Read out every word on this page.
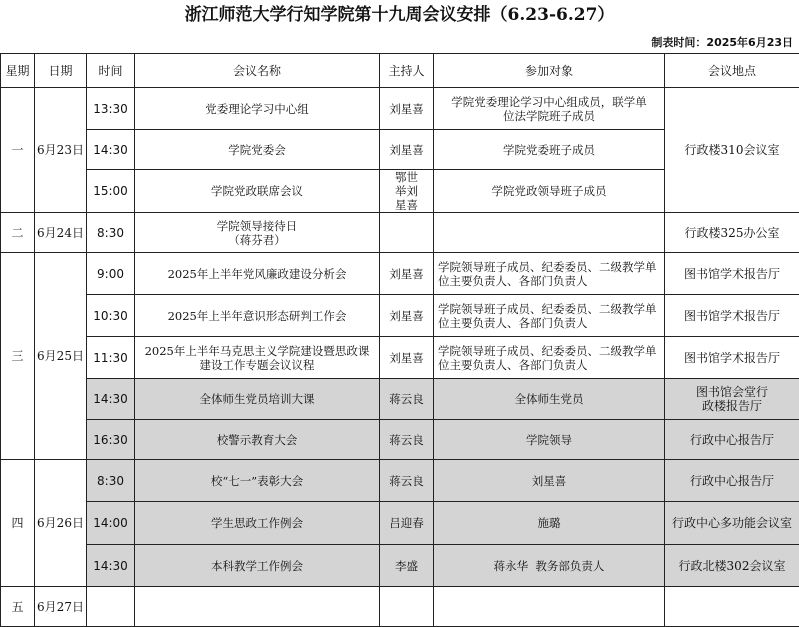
浙江师范大学行知学院第十九周会议安排（6.23-6.27）
制表时间：2025年6月23日
星期	日期	时间	会议名称	主持人	参加对象	会议地点
一	6月23日	13:30	党委理论学习中心组	刘星喜	学院党委理论学习中心组成员，联学单位法学院班子成员	行政楼310会议室
		14:30	学院党委会	刘星喜	学院党委班子成员	
		15:00	学院党政联席会议	鄂世举刘星喜	学院党政领导班子成员	
二	6月24日	8:30	学院领导接待日（蒋芬君）			行政楼325办公室
三	6月25日	9:00	2025年上半年党风廉政建设分析会	刘星喜	学院领导班子成员、纪委委员、二级教学单位主要负责人、各部门负责人	图书馆学术报告厅
		10:30	2025年上半年意识形态研判工作会	刘星喜	学院领导班子成员、纪委委员、二级教学单位主要负责人、各部门负责人	图书馆学术报告厅
		11:30	2025年上半年马克思主义学院建设暨思政课建设工作专题会议议程	刘星喜	学院领导班子成员、纪委委员、二级教学单位主要负责人、各部门负责人	图书馆学术报告厅
		14:30	全体师生党员培训大课	蒋云良	全体师生党员	图书馆会堂行政楼报告厅
		16:30	校警示教育大会	蒋云良	学院领导	行政中心报告厅
四	6月26日	8:30	校“七一”表彰大会	蒋云良	刘星喜	行政中心报告厅
		14:00	学生思政工作例会	吕迎春	施璐	行政中心多功能会议室
		14:30	本科教学工作例会	李盛	蒋永华  教务部负责人	行政北楼302会议室
五	6月27日					
